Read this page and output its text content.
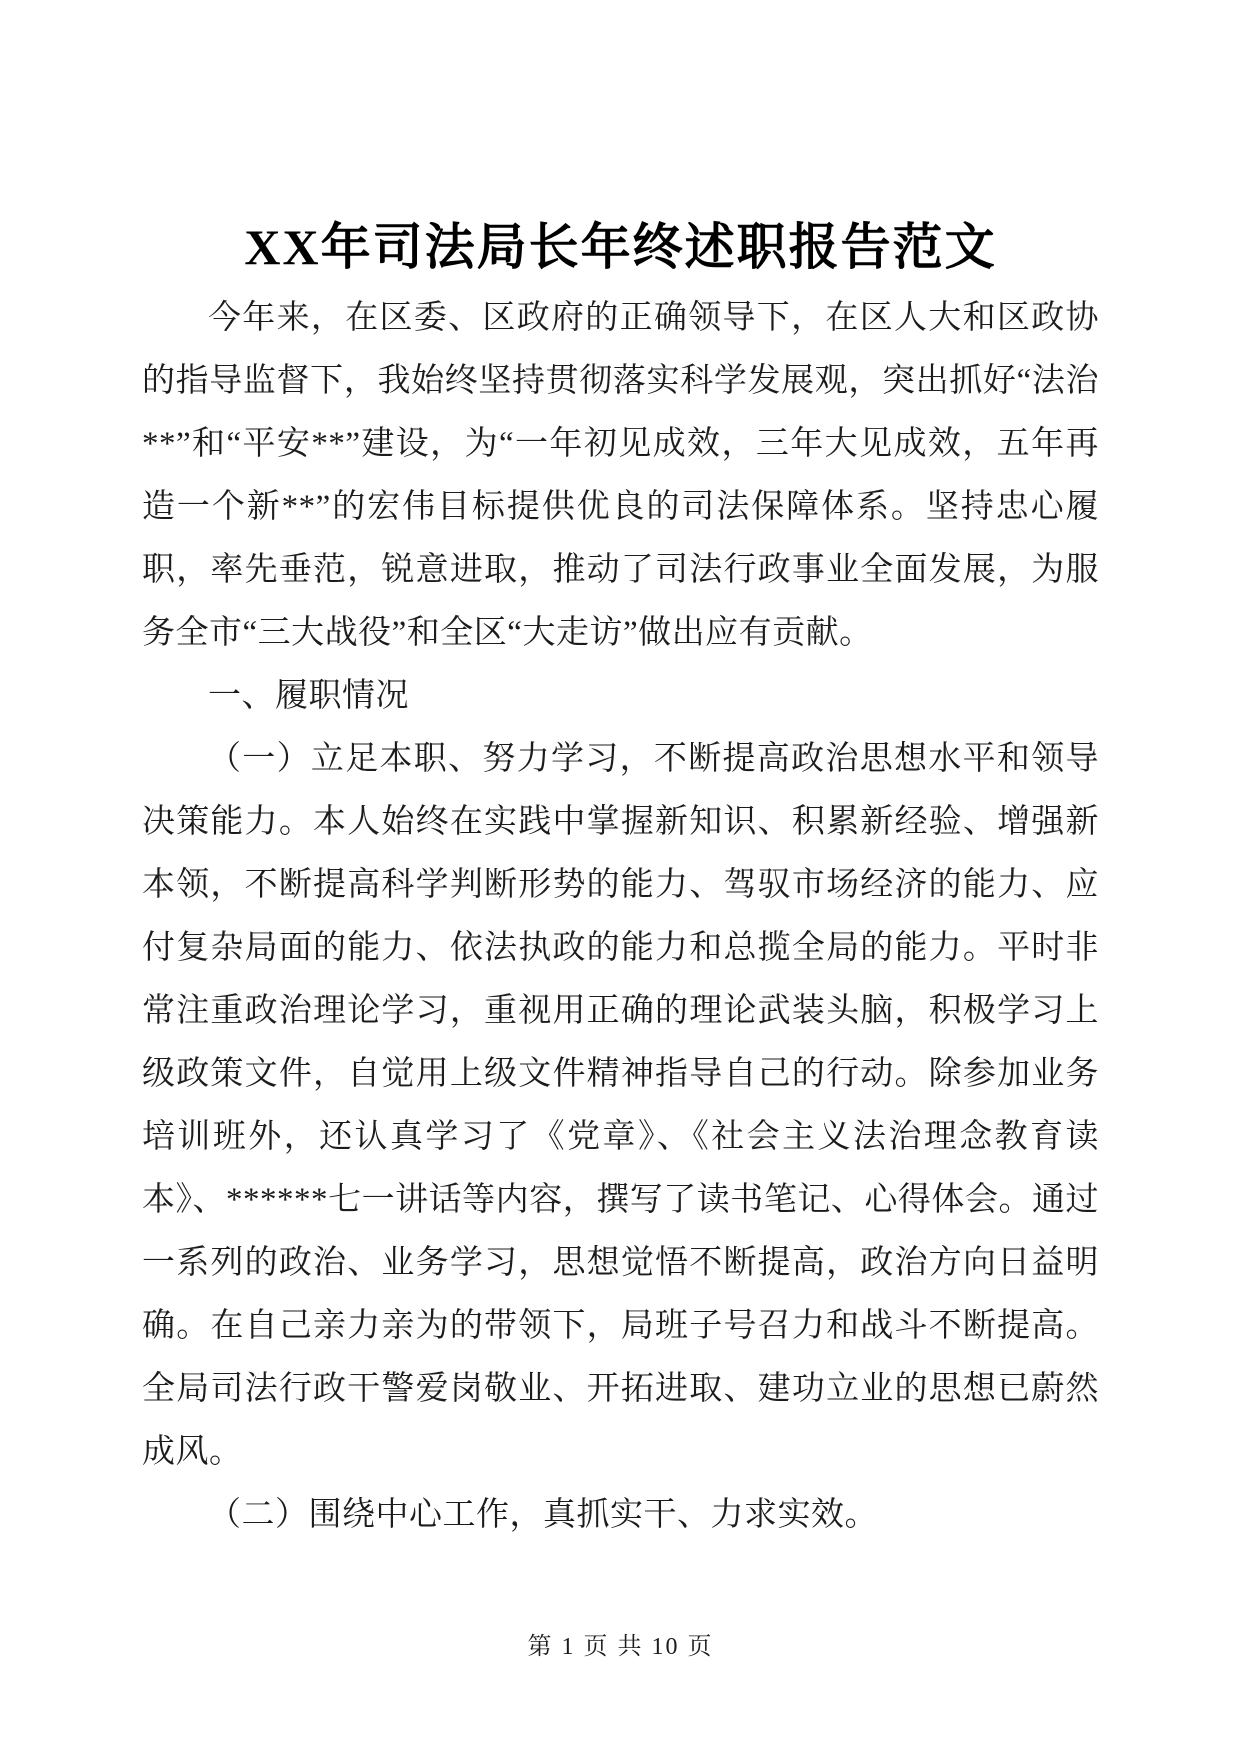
XX年司法局长年终述职报告范文

今年来，在区委、区政府的正确领导下，在区人大和区政协的指导监督下，我始终坚持贯彻落实科学发展观，突出抓好“法治**”和“平安**”建设，为“一年初见成效，三年大见成效，五年再造一个新**”的宏伟目标提供优良的司法保障体系。坚持忠心履职，率先垂范，锐意进取，推动了司法行政事业全面发展，为服务全市“三大战役”和全区“大走访”做出应有贡献。

一、履职情况

（一）立足本职、努力学习，不断提高政治思想水平和领导决策能力。本人始终在实践中掌握新知识、积累新经验、增强新本领，不断提高科学判断形势的能力、驾驭市场经济的能力、应付复杂局面的能力、依法执政的能力和总揽全局的能力。平时非常注重政治理论学习，重视用正确的理论武装头脑，积极学习上级政策文件，自觉用上级文件精神指导自己的行动。除参加业务培训班外，还认真学习了《党章》、《社会主义法治理念教育读本》、******七一讲话等内容，撰写了读书笔记、心得体会。通过一系列的政治、业务学习，思想觉悟不断提高，政治方向日益明确。在自己亲力亲为的带领下，局班子号召力和战斗不断提高。全局司法行政干警爱岗敬业、开拓进取、建功立业的思想已蔚然成风。

（二）围绕中心工作，真抓实干、力求实效。

第 1 页 共 10 页
